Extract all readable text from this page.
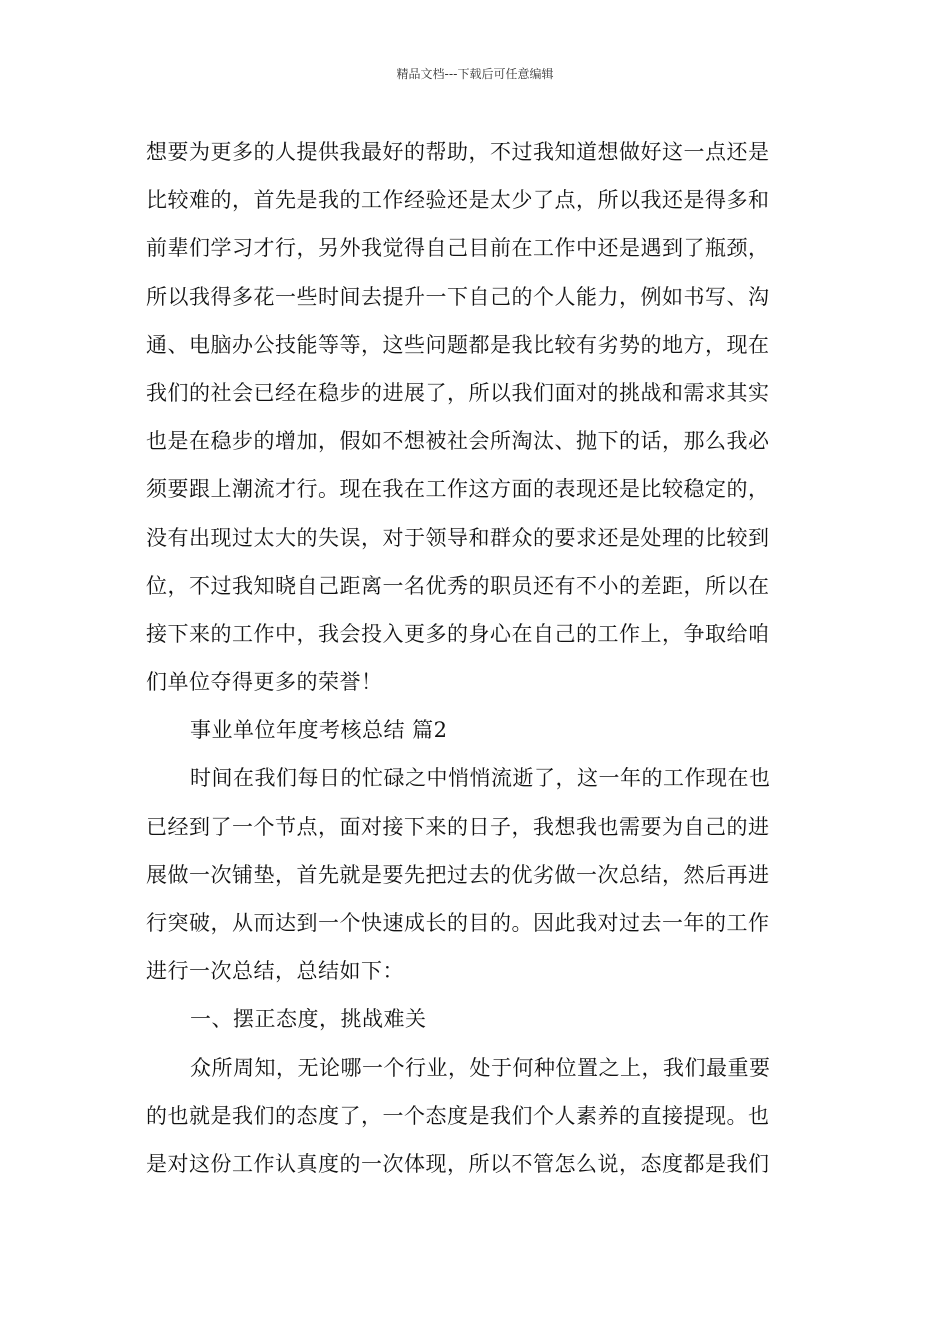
精品文档---下载后可任意编辑
想要为更多的人提供我最好的帮助，不过我知道想做好这一点还是
比较难的，首先是我的工作经验还是太少了点，所以我还是得多和
前辈们学习才行，另外我觉得自己目前在工作中还是遇到了瓶颈，
所以我得多花一些时间去提升一下自己的个人能力，例如书写、沟
通、电脑办公技能等等，这些问题都是我比较有劣势的地方，现在
我们的社会已经在稳步的进展了，所以我们面对的挑战和需求其实
也是在稳步的增加，假如不想被社会所淘汰、抛下的话，那么我必
须要跟上潮流才行。现在我在工作这方面的表现还是比较稳定的，
没有出现过太大的失误，对于领导和群众的要求还是处理的比较到
位，不过我知晓自己距离一名优秀的职员还有不小的差距，所以在
接下来的工作中，我会投入更多的身心在自己的工作上，争取给咱
们单位夺得更多的荣誉！
事业单位年度考核总结 篇2
时间在我们每日的忙碌之中悄悄流逝了，这一年的工作现在也
已经到了一个节点，面对接下来的日子，我想我也需要为自己的进
展做一次铺垫，首先就是要先把过去的优劣做一次总结，然后再进
行突破，从而达到一个快速成长的目的。因此我对过去一年的工作
进行一次总结，总结如下：
一、摆正态度，挑战难关
众所周知，无论哪一个行业，处于何种位置之上，我们最重要
的也就是我们的态度了，一个态度是我们个人素养的直接提现。也
是对这份工作认真度的一次体现，所以不管怎么说，态度都是我们
